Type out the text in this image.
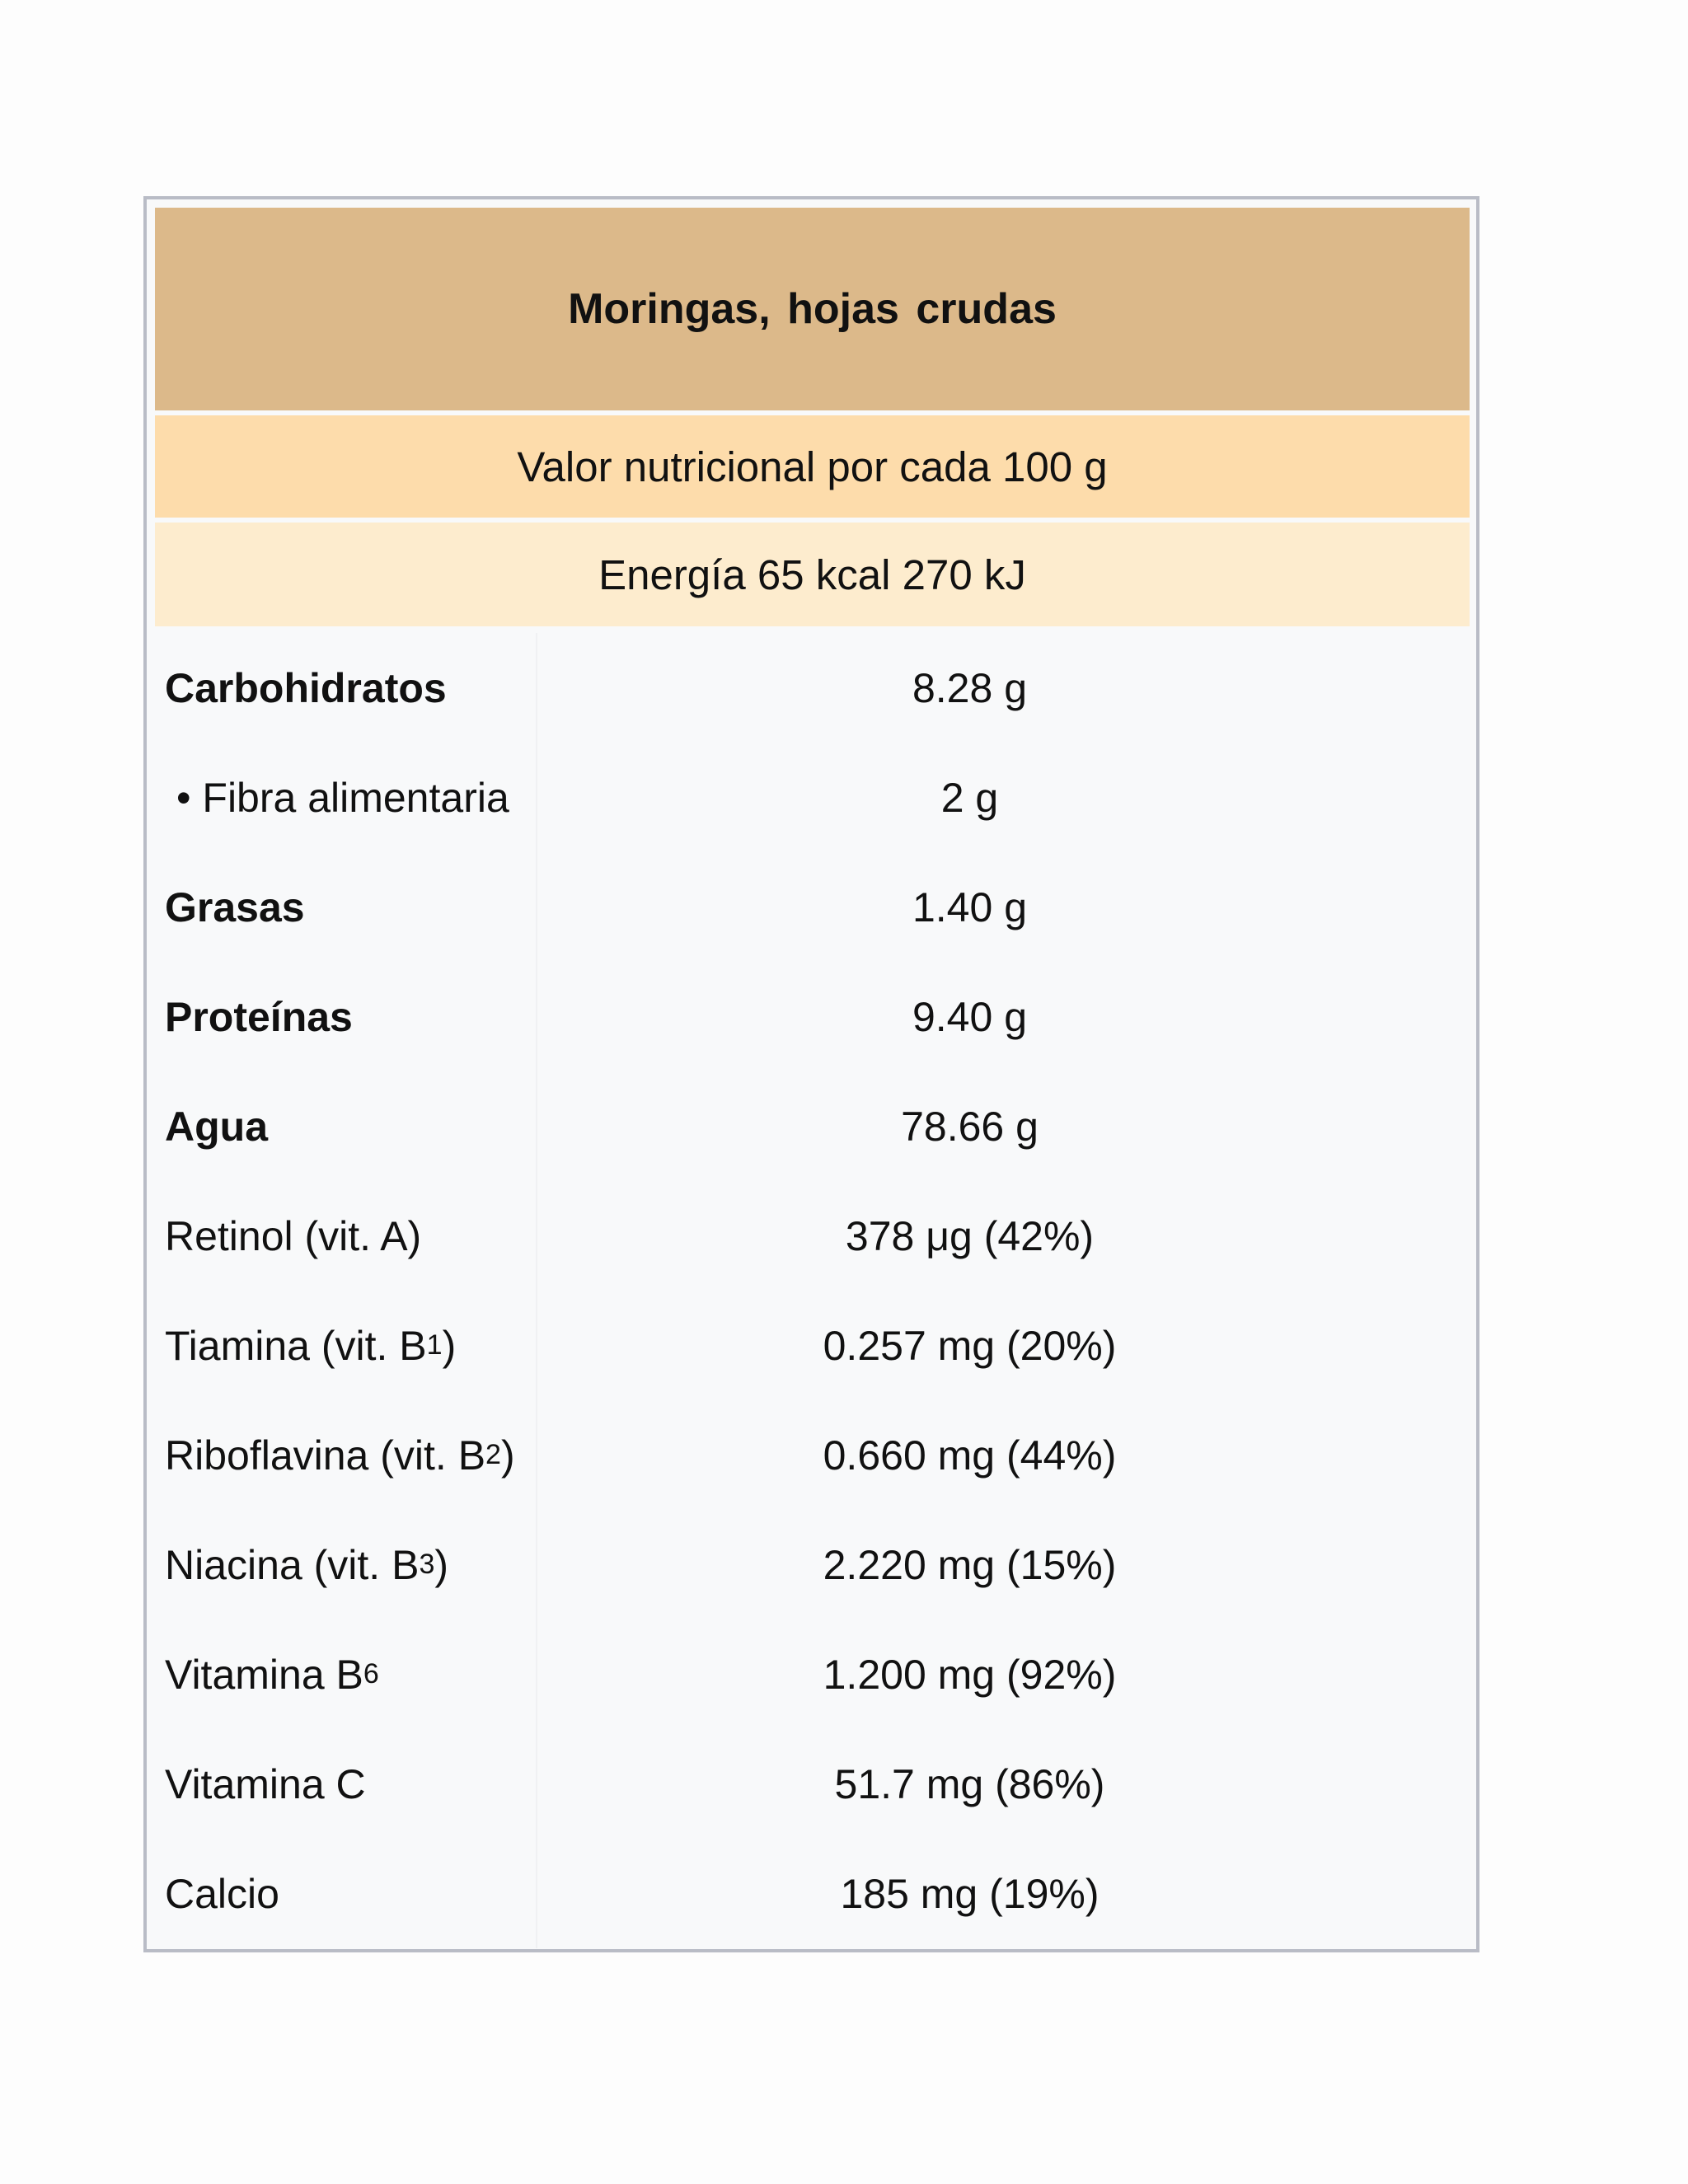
Moringas, hojas crudas
Valor nutricional por cada 100 g
Energía 65 kcal 270 kJ
Carbohidratos	8.28 g
• Fibra alimentaria	2 g
Grasas	1.40 g
Proteínas	9.40 g
Agua	78.66 g
Retinol (vit. A)	378 μg (42%)
Tiamina (vit. B 1 )	0.257 mg (20%)
Riboflavina (vit. B 2 )	0.660 mg (44%)
Niacina (vit. B 3 )	2.220 mg (15%)
Vitamina B 6	1.200 mg (92%)
Vitamina C	51.7 mg (86%)
Calcio	185 mg (19%)
